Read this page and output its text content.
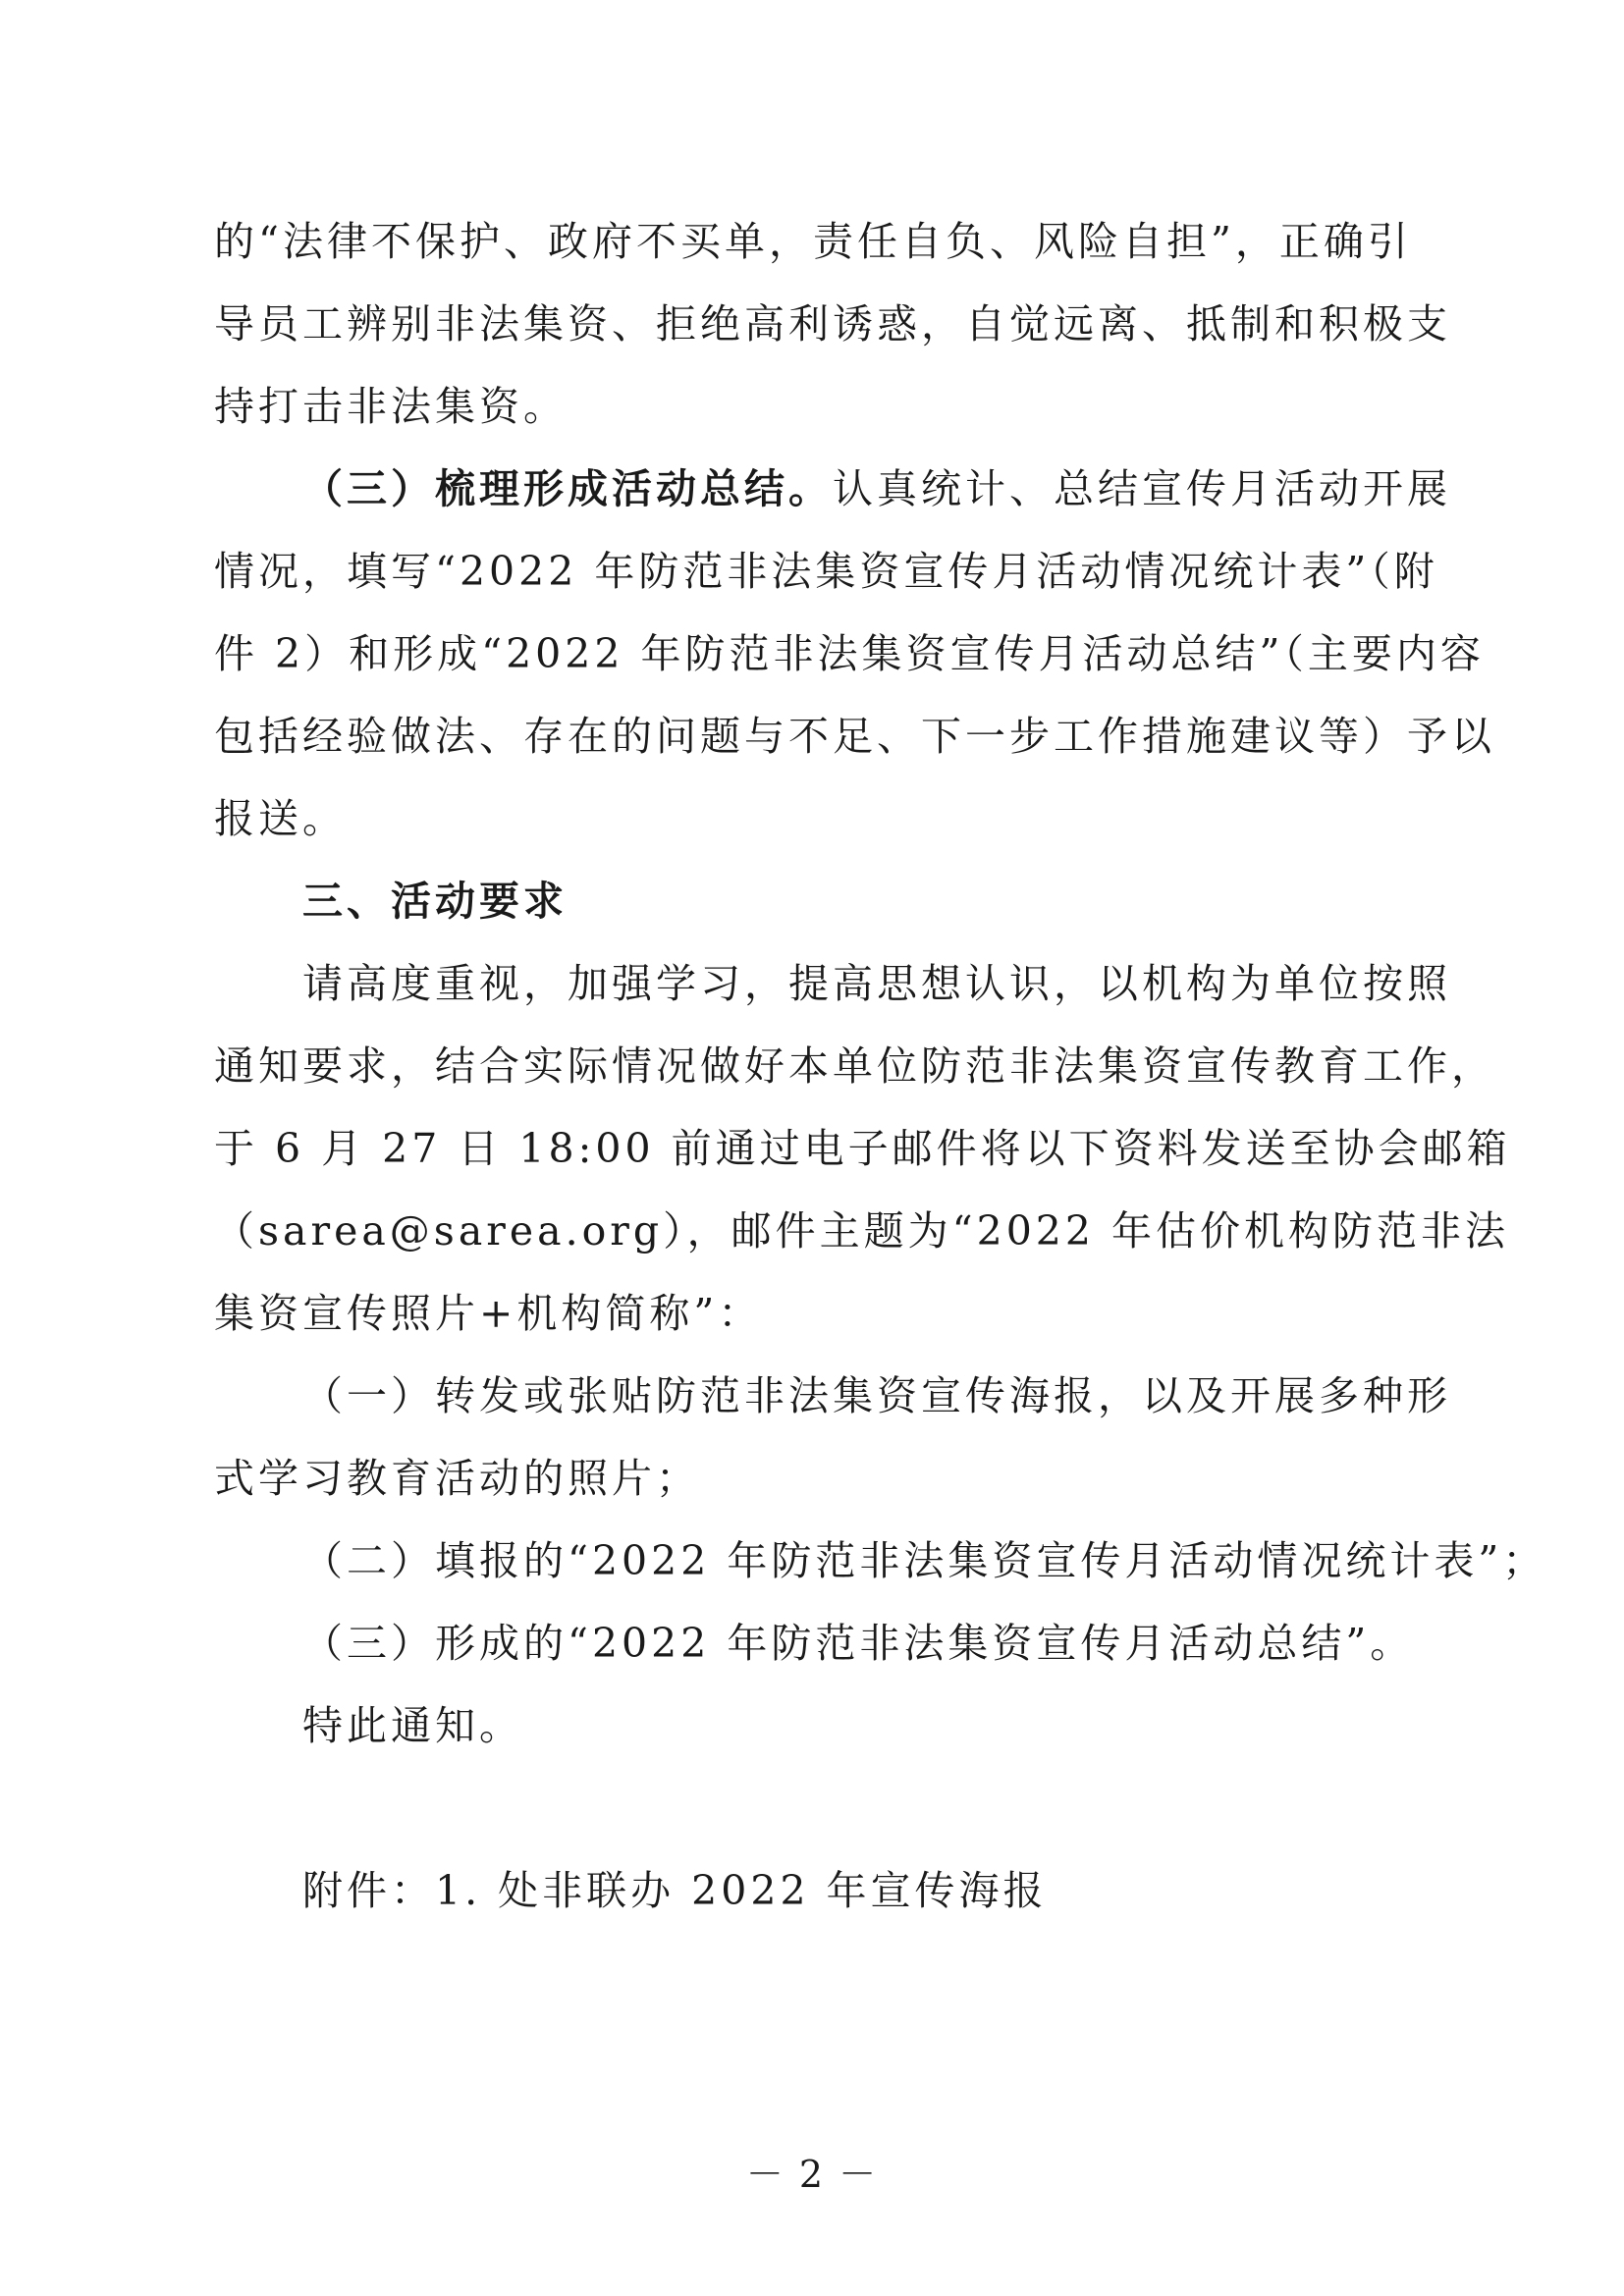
的“法律不保护、政府不买单，责任自负、风险自担”，正确引
导员工辨别非法集资、拒绝高利诱惑，自觉远离、抵制和积极支
持打击非法集资。
（三）梳理形成活动总结。认真统计、总结宣传月活动开展
情况，填写“2022 年防范非法集资宣传月活动情况统计表”（附
件 2）和形成“2022 年防范非法集资宣传月活动总结”（主要内容
包括经验做法、存在的问题与不足、下一步工作措施建议等）予以
报送。
三、活动要求
请高度重视，加强学习，提高思想认识，以机构为单位按照
通知要求，结合实际情况做好本单位防范非法集资宣传教育工作，
于 6 月 27 日 18:00 前通过电子邮件将以下资料发送至协会邮箱
（sarea@sarea.org），邮件主题为“2022 年估价机构防范非法
集资宣传照片+机构简称”：
（一）转发或张贴防范非法集资宣传海报，以及开展多种形
式学习教育活动的照片；
（二）填报的“2022 年防范非法集资宣传月活动情况统计表”；
（三）形成的“2022 年防范非法集资宣传月活动总结”。
特此通知。
附件：1. 处非联办 2022 年宣传海报
－ 2 －
